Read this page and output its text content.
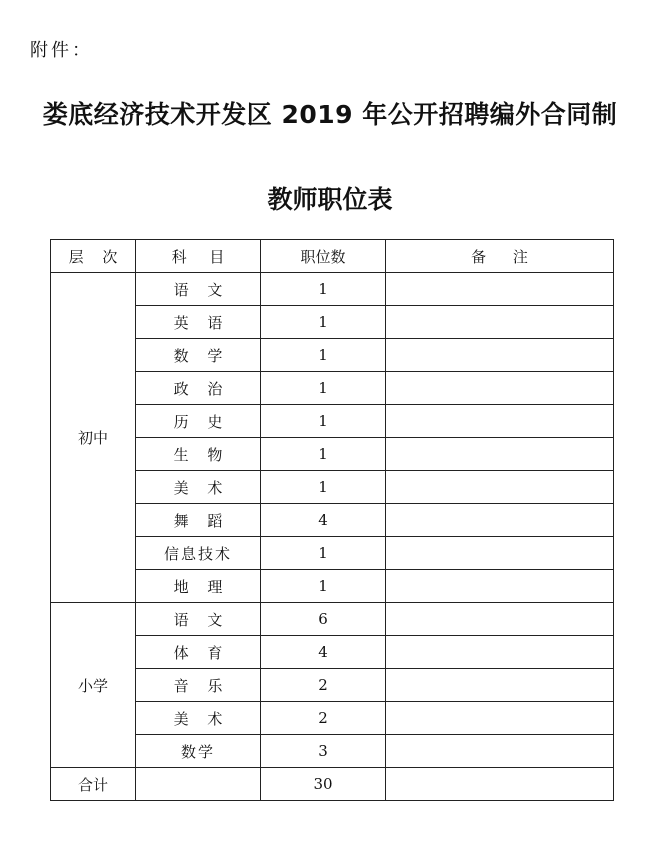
附件：
娄底经济技术开发区 2019 年公开招聘编外合同制
教师职位表
层 次	科 目	职位数	备 注
初中	语 文	1	
	英 语	1	
	数 学	1	
	政 治	1	
	历 史	1	
	生 物	1	
	美 术	1	
	舞 蹈	4	
	信息技术	1	
	地 理	1	
小学	语 文	6	
	体 育	4	
	音 乐	2	
	美 术	2	
	数学	3	
合计		30	
